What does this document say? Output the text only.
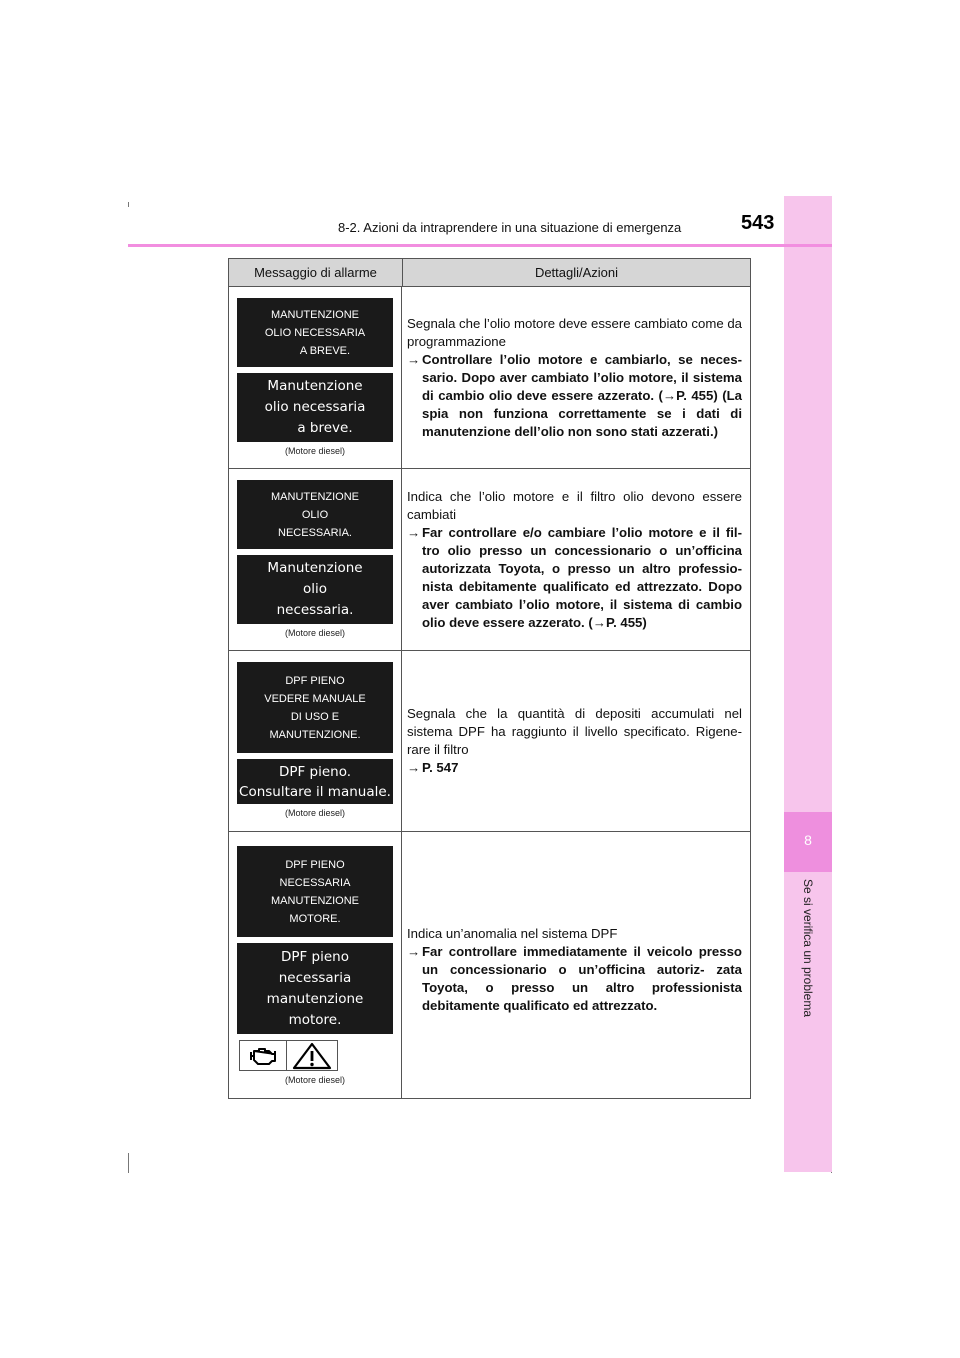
8
Se si verifica un problema
8-2. Azioni da intraprendere in una situazione di emergenza	543
Messaggio di allarme	Dettagli/Azioni
MANUTENZIONE
OLIO NECESSARIA
A BREVE.
Manutenzione
olio necessaria
a breve.
(Motore diesel)
Segnala che l’olio motore deve essere cambiato come da programmazione
→ Controllare l’olio motore e cambiarlo, se neces- sario. Dopo aver cambiato l’olio motore, il sistema di cambio olio deve essere azzerato. (→P. 455) (La spia non funziona correttamente se i dati di manutenzione dell’olio non sono stati azzerati.)
MANUTENZIONE
OLIO
NECESSARIA.
Manutenzione
olio
necessaria.
(Motore diesel)
Indica che l’olio motore e il filtro olio devono essere cambiati
→ Far controllare e/o cambiare l’olio motore e il fil- tro olio presso un concessionario o un’officina autorizzata Toyota, o presso un altro professio- nista debitamente qualificato ed attrezzato. Dopo aver cambiato l’olio motore, il sistema di cambio olio deve essere azzerato. (→P. 455)
DPF PIENO
VEDERE MANUALE
DI USO E
MANUTENZIONE.
DPF pieno.
Consultare il manuale.
(Motore diesel)
Segnala che la quantità di depositi accumulati nel sistema DPF ha raggiunto il livello specificato. Rigene- rare il filtro
→ P. 547
DPF PIENO
NECESSARIA
MANUTENZIONE
MOTORE.
DPF pieno
necessaria
manutenzione
motore.
(Motore diesel)
Indica un’anomalia nel sistema DPF
→ Far controllare immediatamente il veicolo presso un concessionario o un’officina autoriz- zata Toyota, o presso un altro professionista debitamente qualificato ed attrezzato.
